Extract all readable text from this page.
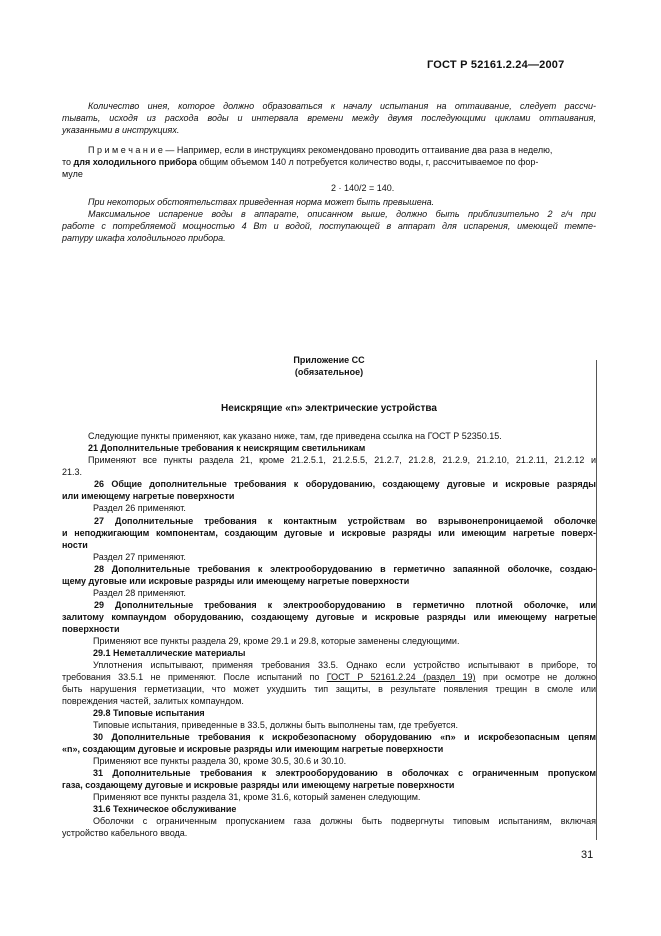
ГОСТ Р 52161.2.24—2007
Количество инея, которое должно образоваться к началу испытания на оттаивание, следует рассчи-
тывать, исходя из расхода воды и интервала времени между двумя последующими циклами оттаивания,
указанными в инструкциях.
П р и м е ч а н и е — Например, если в инструкциях рекомендовано проводить оттаивание два раза в неделю,
то для холодильного прибора общим объемом 140 л потребуется количество воды, г, рассчитываемое по фор-
муле
2 · 140/2 = 140.
При некоторых обстоятельствах приведенная норма может быть превышена.
Максимальное испарение воды в аппарате, описанном выше, должно быть приблизительно 2 г/ч при
работе с потребляемой мощностью 4 Вт и водой, поступающей в аппарат для испарения, имеющей темпе-
ратуру шкафа холодильного прибора.
Приложение СС
(обязательное)
Неискрящие «n» электрические устройства
Следующие пункты применяют, как указано ниже, там, где приведена ссылка на ГОСТ Р 52350.15.
21 Дополнительные требования к неискрящим светильникам
Применяют все пункты раздела 21, кроме 21.2.5.1, 21.2.5.5, 21.2.7, 21.2.8, 21.2.9, 21.2.10, 21.2.11, 21.2.12 и
21.3.
26 Общие дополнительные требования к оборудованию, создающему дуговые и искровые разряды
или имеющему нагретые поверхности
Раздел 26 применяют.
27 Дополнительные требования к контактным устройствам во взрывонепроницаемой оболочке
и неподжигающим компонентам, создающим дуговые и искровые разряды или имеющим нагретые поверх-
ности
Раздел 27 применяют.
28 Дополнительные требования к электрооборудованию в герметично запаянной оболочке, создаю-
щему дуговые или искровые разряды или имеющему нагретые поверхности
Раздел 28 применяют.
29 Дополнительные требования к электрооборудованию в герметично плотной оболочке, или
залитому компаундом оборудованию, создающему дуговые и искровые разряды или имеющему нагретые
поверхности
Применяют все пункты раздела 29, кроме 29.1 и 29.8, которые заменены следующими.
29.1 Неметаллические материалы
Уплотнения испытывают, применяя требования 33.5. Однако если устройство испытывают в приборе, то
требования 33.5.1 не применяют. После испытаний по ГОСТ Р 52161.2.24 (раздел 19) при осмотре не должно
быть нарушения герметизации, что может ухудшить тип защиты, в результате появления трещин в смоле или
повреждения частей, залитых компаундом.
29.8 Типовые испытания
Типовые испытания, приведенные в 33.5, должны быть выполнены там, где требуется.
30 Дополнительные требования к искробезопасному оборудованию «n» и искробезопасным цепям
«n», создающим дуговые и искровые разряды или имеющим нагретые поверхности
Применяют все пункты раздела 30, кроме 30.5, 30.6 и 30.10.
31 Дополнительные требования к электрооборудованию в оболочках с ограниченным пропуском
газа, создающему дуговые и искровые разряды или имеющему нагретые поверхности
Применяют все пункты раздела 31, кроме 31.6, который заменен следующим.
31.6 Техническое обслуживание
Оболочки с ограниченным пропусканием газа должны быть подвергнуты типовым испытаниям, включая
устройство кабельного ввода.
31
